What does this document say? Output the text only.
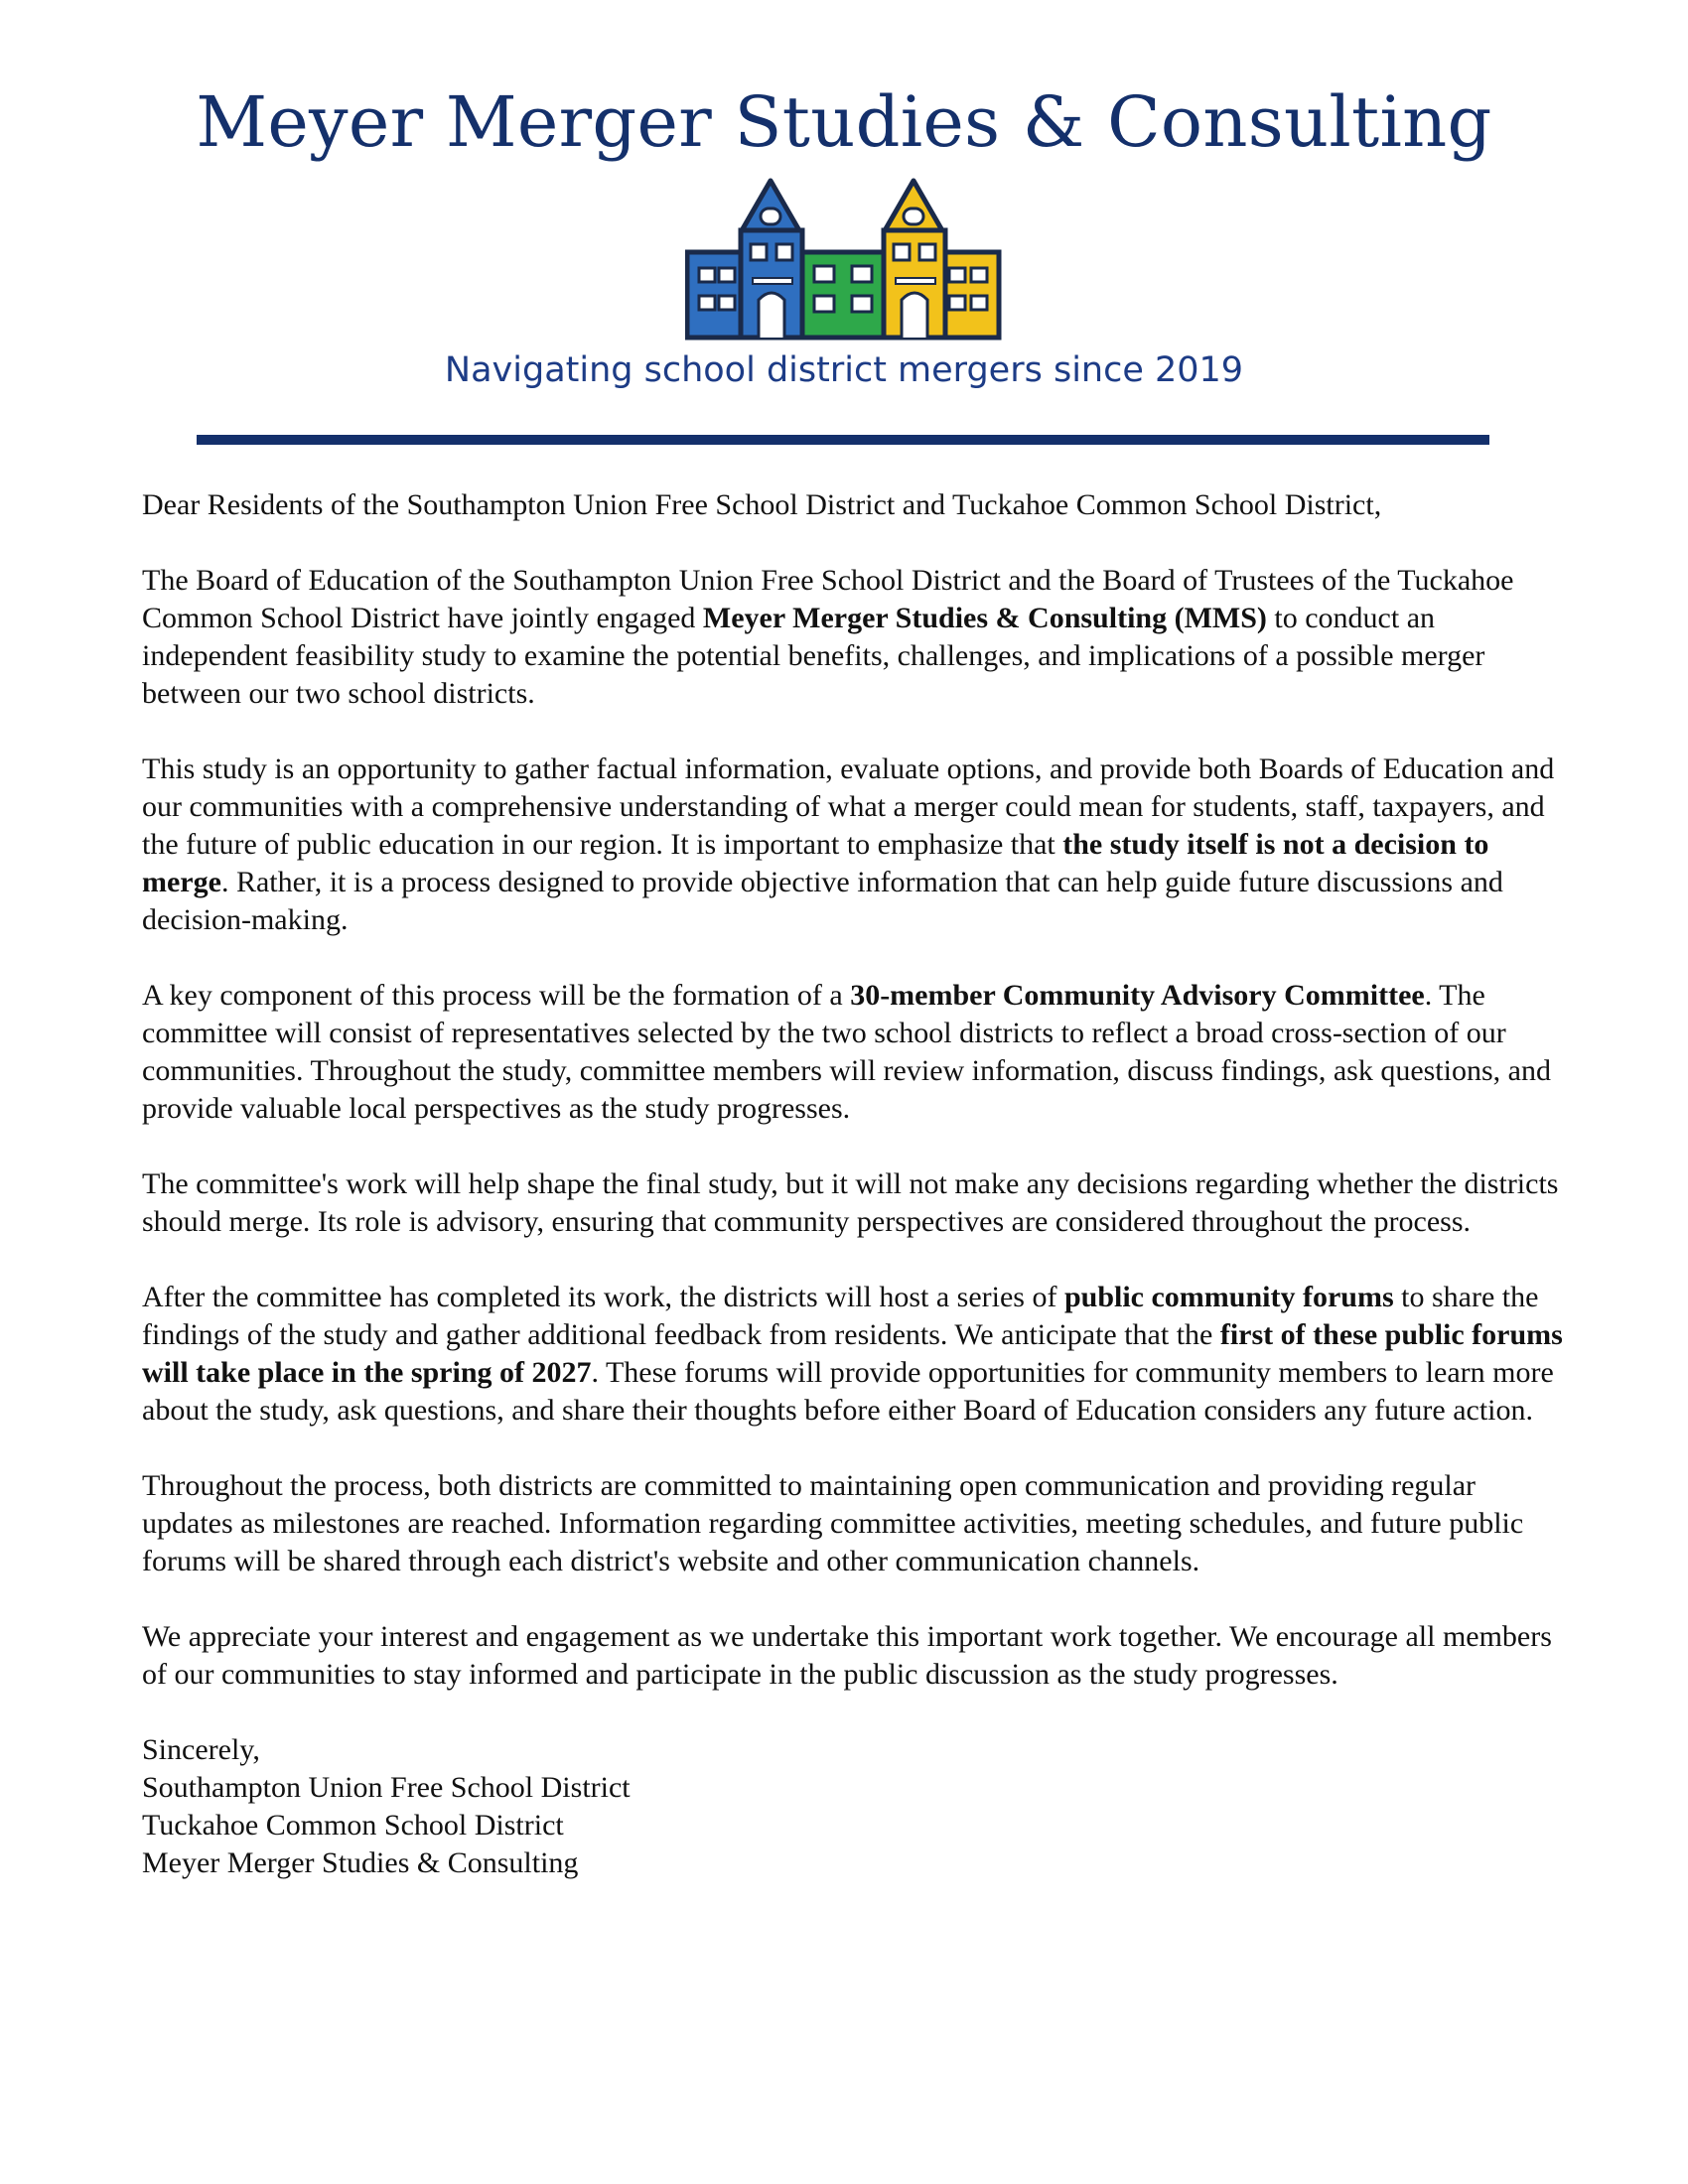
Meyer Merger Studies & Consulting
Navigating school district mergers since 2019

Dear Residents of the Southampton Union Free School District and Tuckahoe Common School District,

The Board of Education of the Southampton Union Free School District and the Board of Trustees of the Tuckahoe Common School District have jointly engaged Meyer Merger Studies & Consulting (MMS) to conduct an independent feasibility study to examine the potential benefits, challenges, and implications of a possible merger between our two school districts.

This study is an opportunity to gather factual information, evaluate options, and provide both Boards of Education and our communities with a comprehensive understanding of what a merger could mean for students, staff, taxpayers, and the future of public education in our region. It is important to emphasize that the study itself is not a decision to merge. Rather, it is a process designed to provide objective information that can help guide future discussions and decision-making.

A key component of this process will be the formation of a 30-member Community Advisory Committee. The committee will consist of representatives selected by the two school districts to reflect a broad cross-section of our communities. Throughout the study, committee members will review information, discuss findings, ask questions, and provide valuable local perspectives as the study progresses.

The committee's work will help shape the final study, but it will not make any decisions regarding whether the districts should merge. Its role is advisory, ensuring that community perspectives are considered throughout the process.

After the committee has completed its work, the districts will host a series of public community forums to share the findings of the study and gather additional feedback from residents. We anticipate that the first of these public forums will take place in the spring of 2027. These forums will provide opportunities for community members to learn more about the study, ask questions, and share their thoughts before either Board of Education considers any future action.

Throughout the process, both districts are committed to maintaining open communication and providing regular updates as milestones are reached. Information regarding committee activities, meeting schedules, and future public forums will be shared through each district's website and other communication channels.

We appreciate your interest and engagement as we undertake this important work together. We encourage all members of our communities to stay informed and participate in the public discussion as the study progresses.

Sincerely,

Southampton Union Free School District

Tuckahoe Common School District

Meyer Merger Studies & Consulting
